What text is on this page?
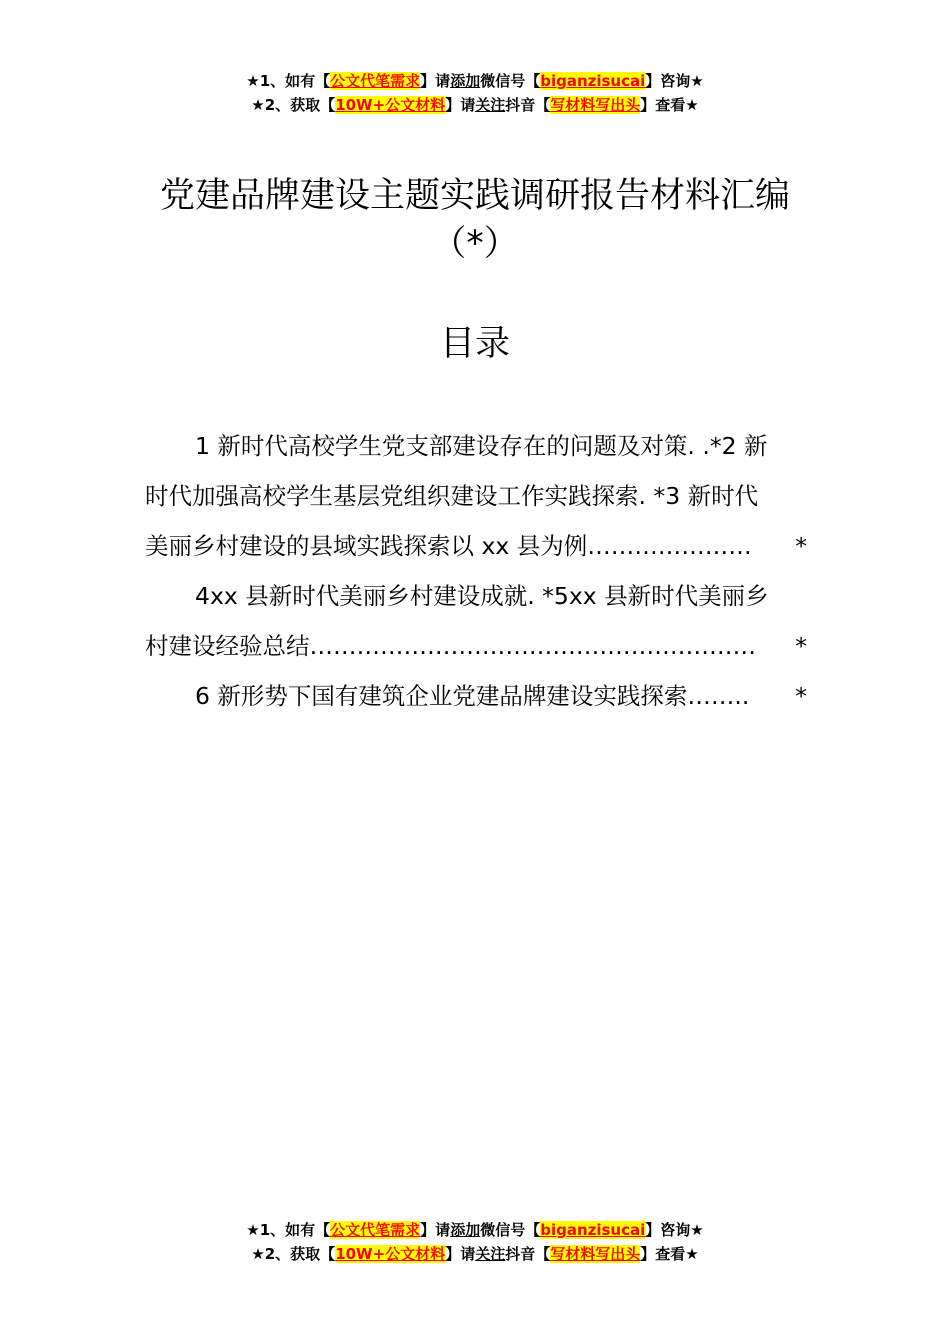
★1、如有【公文代笔需求】请添加微信号【biganzisucai】咨询★
★2、获取【10W+公文材料】请关注抖音【写材料写出头】查看★
党建品牌建设主题实践调研报告材料汇编
（*）
目录
1 新时代高校学生党支部建设存在的问题及对策. .*2 新
时代加强高校学生基层党组织建设工作实践探索. *3 新时代
美丽乡村建设的县域实践探索以 xx 县为例 …………………	*
4xx 县新时代美丽乡村建设成就. *5xx 县新时代美丽乡
村建设经验总结 …………………………………………………	*
6 新形势下国有建筑企业党建品牌建设实践探索 ……..	*
★1、如有【公文代笔需求】请添加微信号【biganzisucai】咨询★
★2、获取【10W+公文材料】请关注抖音【写材料写出头】查看★
